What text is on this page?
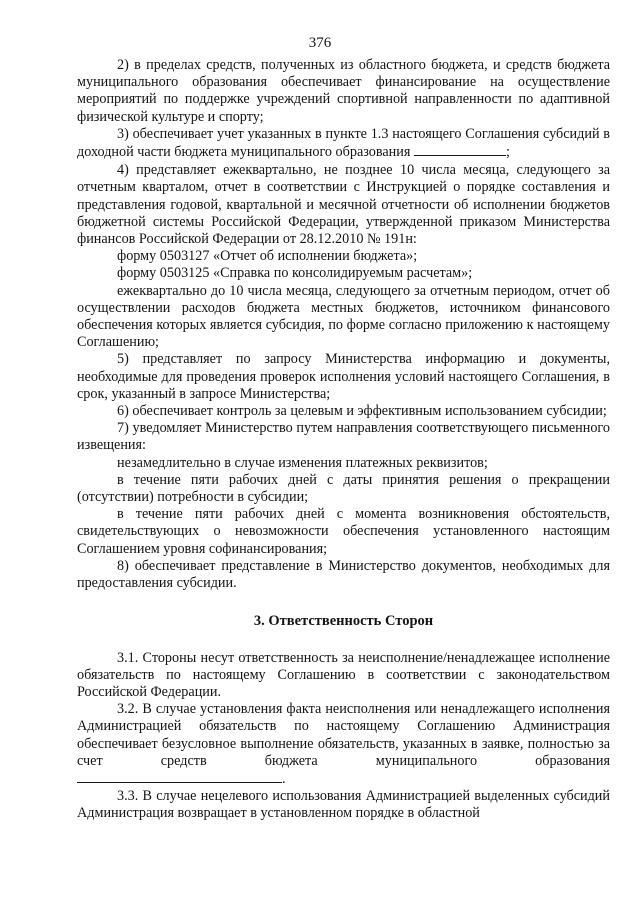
376

2) в пределах средств, полученных из областного бюджета, и средств бюджета муниципального образования обеспечивает финансирование на осуществление мероприятий по поддержке учреждений спортивной направленности по адаптивной физической культуре и спорту;

3) обеспечивает учет указанных в пункте 1.3 настоящего Соглашения субсидий в доходной части бюджета муниципального образования	;

4) представляет ежеквартально, не позднее 10 числа месяца, следующего за отчетным кварталом, отчет в соответствии с Инструкцией о порядке составления и представления годовой, квартальной и месячной отчетности об исполнении бюджетов бюджетной системы Российской Федерации, утвержденной приказом Министерства финансов Российской Федерации от 28.12.2010 № 191н:

форму 0503127 «Отчет об исполнении бюджета»;

форму 0503125 «Справка по консолидируемым расчетам»;

ежеквартально до 10 числа месяца, следующего за отчетным периодом, отчет об осуществлении расходов бюджета местных бюджетов, источником финансового обеспечения которых является субсидия, по форме согласно приложению к настоящему Соглашению;

5) представляет по запросу Министерства информацию и документы, необходимые для проведения проверок исполнения условий настоящего Соглашения, в срок, указанный в запросе Министерства;

6) обеспечивает контроль за целевым и эффективным использованием субсидии;

7) уведомляет Министерство путем направления соответствующего письменного извещения:

незамедлительно в случае изменения платежных реквизитов;

в течение пяти рабочих дней с даты принятия решения о прекращении (отсутствии) потребности в субсидии;

в течение пяти рабочих дней с момента возникновения обстоятельств, свидетельствующих о невозможности обеспечения установленного настоящим Соглашением уровня софинансирования;

8) обеспечивает представление в Министерство документов, необходимых для предоставления субсидии.

3. Ответственность Сторон

3.1. Стороны несут ответственность за неисполнение/ненадлежащее исполнение обязательств по настоящему Соглашению в соответствии с законодательством Российской Федерации.

3.2. В случае установления факта неисполнения или ненадлежащего исполнения Администрацией обязательств по настоящему Соглашению Администрация обеспечивает безусловное выполнение обязательств, указанных в заявке, полностью за счет средств бюджета муниципального образования

.

3.3. В случае нецелевого использования Администрацией выделенных субсидий Администрация возвращает в установленном порядке в областной
